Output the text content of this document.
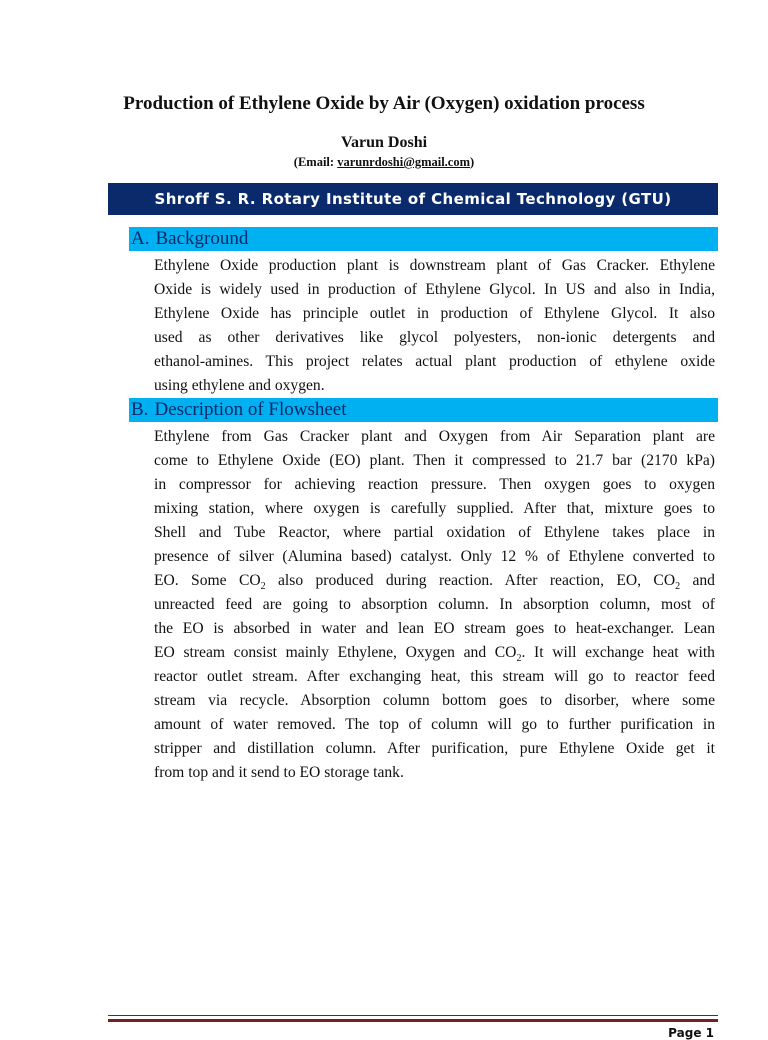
Production of Ethylene Oxide by Air (Oxygen) oxidation process
Varun Doshi
(Email: varunrdoshi@gmail.com)
Shroff S. R. Rotary Institute of Chemical Technology (GTU)
A. Background
Ethylene Oxide production plant is downstream plant of Gas Cracker. Ethylene
Oxide is widely used in production of Ethylene Glycol. In US and also in India,
Ethylene Oxide has principle outlet in production of Ethylene Glycol. It also
used as other derivatives like glycol polyesters, non-ionic detergents and
ethanol-amines. This project relates actual plant production of ethylene oxide
using ethylene and oxygen.
B. Description of Flowsheet
Ethylene from Gas Cracker plant and Oxygen from Air Separation plant are
come to Ethylene Oxide (EO) plant. Then it compressed to 21.7 bar (2170 kPa)
in compressor for achieving reaction pressure. Then oxygen goes to oxygen
mixing station, where oxygen is carefully supplied. After that, mixture goes to
Shell and Tube Reactor, where partial oxidation of Ethylene takes place in
presence of silver (Alumina based) catalyst. Only 12 % of Ethylene converted to
EO. Some $CO_2$ also produced during reaction. After reaction, EO, $CO_2$ and
unreacted feed are going to absorption column. In absorption column, most of
the EO is absorbed in water and lean EO stream goes to heat-exchanger. Lean
EO stream consist mainly Ethylene, Oxygen and $CO_2$. It will exchange heat with
reactor outlet stream. After exchanging heat, this stream will go to reactor feed
stream via recycle. Absorption column bottom goes to disorber, where some
amount of water removed. The top of column will go to further purification in
stripper and distillation column. After purification, pure Ethylene Oxide get it
from top and it send to EO storage tank.
Page 1
